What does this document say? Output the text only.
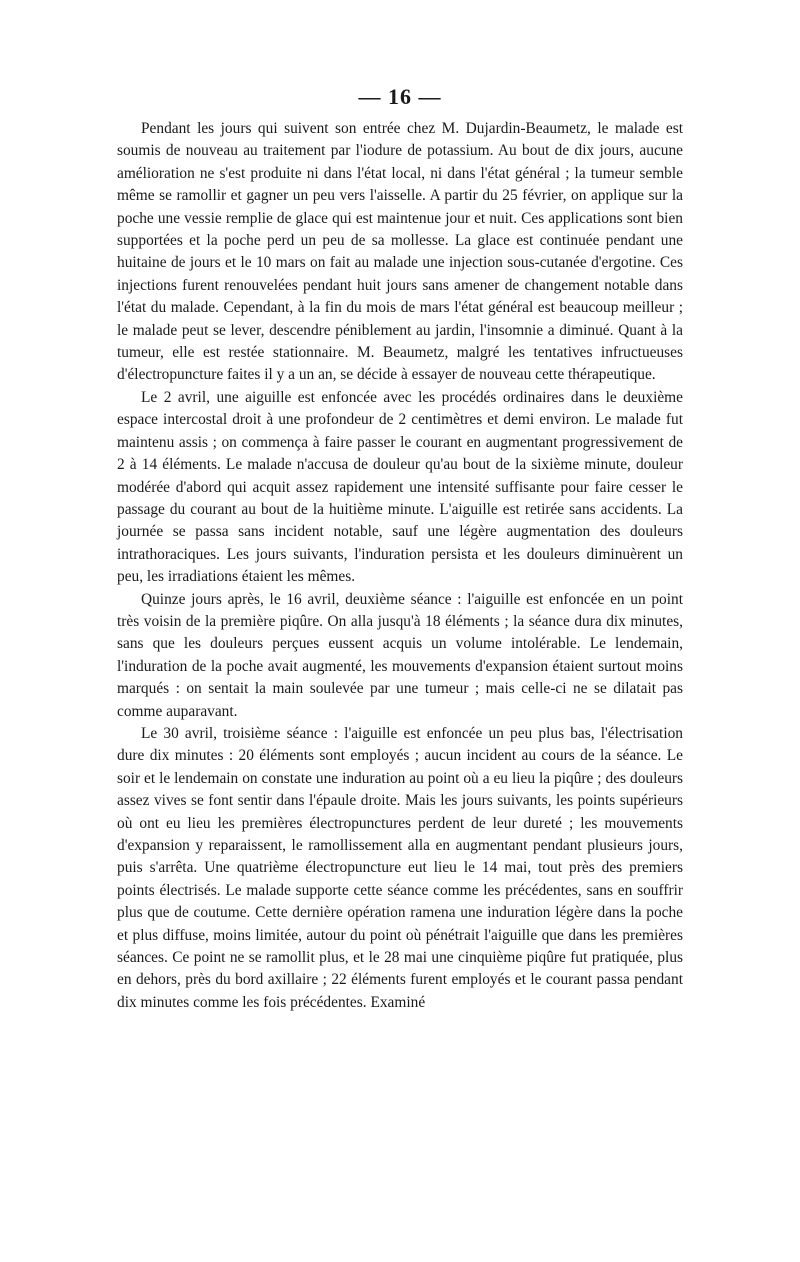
— 16 —

Pendant les jours qui suivent son entrée chez M. Dujardin-Beaumetz, le malade est soumis de nouveau au traitement par l'iodure de potassium. Au bout de dix jours, aucune amélioration ne s'est produite ni dans l'état local, ni dans l'état général ; la tumeur semble même se ramollir et gagner un peu vers l'aisselle. A partir du 25 février, on applique sur la poche une vessie remplie de glace qui est maintenue jour et nuit. Ces applications sont bien supportées et la poche perd un peu de sa mollesse. La glace est continuée pendant une huitaine de jours et le 10 mars on fait au malade une injection sous-cutanée d'ergotine. Ces injections furent renouvelées pendant huit jours sans amener de changement notable dans l'état du malade. Cependant, à la fin du mois de mars l'état général est beaucoup meilleur ; le malade peut se lever, descendre péniblement au jardin, l'insomnie a diminué. Quant à la tumeur, elle est restée stationnaire. M. Beaumetz, malgré les tentatives infructueuses d'électropuncture faites il y a un an, se décide à essayer de nouveau cette thérapeutique.

Le 2 avril, une aiguille est enfoncée avec les procédés ordinaires dans le deuxième espace intercostal droit à une profondeur de 2 centimètres et demi environ. Le malade fut maintenu assis ; on commença à faire passer le courant en augmentant progressivement de 2 à 14 éléments. Le malade n'accusa de douleur qu'au bout de la sixième minute, douleur modérée d'abord qui acquit assez rapidement une intensité suffisante pour faire cesser le passage du courant au bout de la huitième minute. L'aiguille est retirée sans accidents. La journée se passa sans incident notable, sauf une légère augmentation des douleurs intrathoraciques. Les jours suivants, l'induration persista et les douleurs diminuèrent un peu, les irradiations étaient les mêmes.

Quinze jours après, le 16 avril, deuxième séance : l'aiguille est enfoncée en un point très voisin de la première piqûre. On alla jusqu'à 18 éléments ; la séance dura dix minutes, sans que les douleurs perçues eussent acquis un volume intolérable. Le lendemain, l'induration de la poche avait augmenté, les mouvements d'expansion étaient surtout moins marqués : on sentait la main soulevée par une tumeur ; mais celle-ci ne se dilatait pas comme auparavant.

Le 30 avril, troisième séance : l'aiguille est enfoncée un peu plus bas, l'électrisation dure dix minutes : 20 éléments sont employés ; aucun incident au cours de la séance. Le soir et le lendemain on constate une induration au point où a eu lieu la piqûre ; des douleurs assez vives se font sentir dans l'épaule droite. Mais les jours suivants, les points supérieurs où ont eu lieu les premières électropunctures perdent de leur dureté ; les mouvements d'expansion y reparaissent, le ramollissement alla en augmentant pendant plusieurs jours, puis s'arrêta. Une quatrième électropuncture eut lieu le 14 mai, tout près des premiers points électrisés. Le malade supporte cette séance comme les précédentes, sans en souffrir plus que de coutume. Cette dernière opération ramena une induration légère dans la poche et plus diffuse, moins limitée, autour du point où pénétrait l'aiguille que dans les premières séances. Ce point ne se ramollit plus, et le 28 mai une cinquième piqûre fut pratiquée, plus en dehors, près du bord axillaire ; 22 éléments furent employés et le courant passa pendant dix minutes comme les fois précédentes. Examiné
